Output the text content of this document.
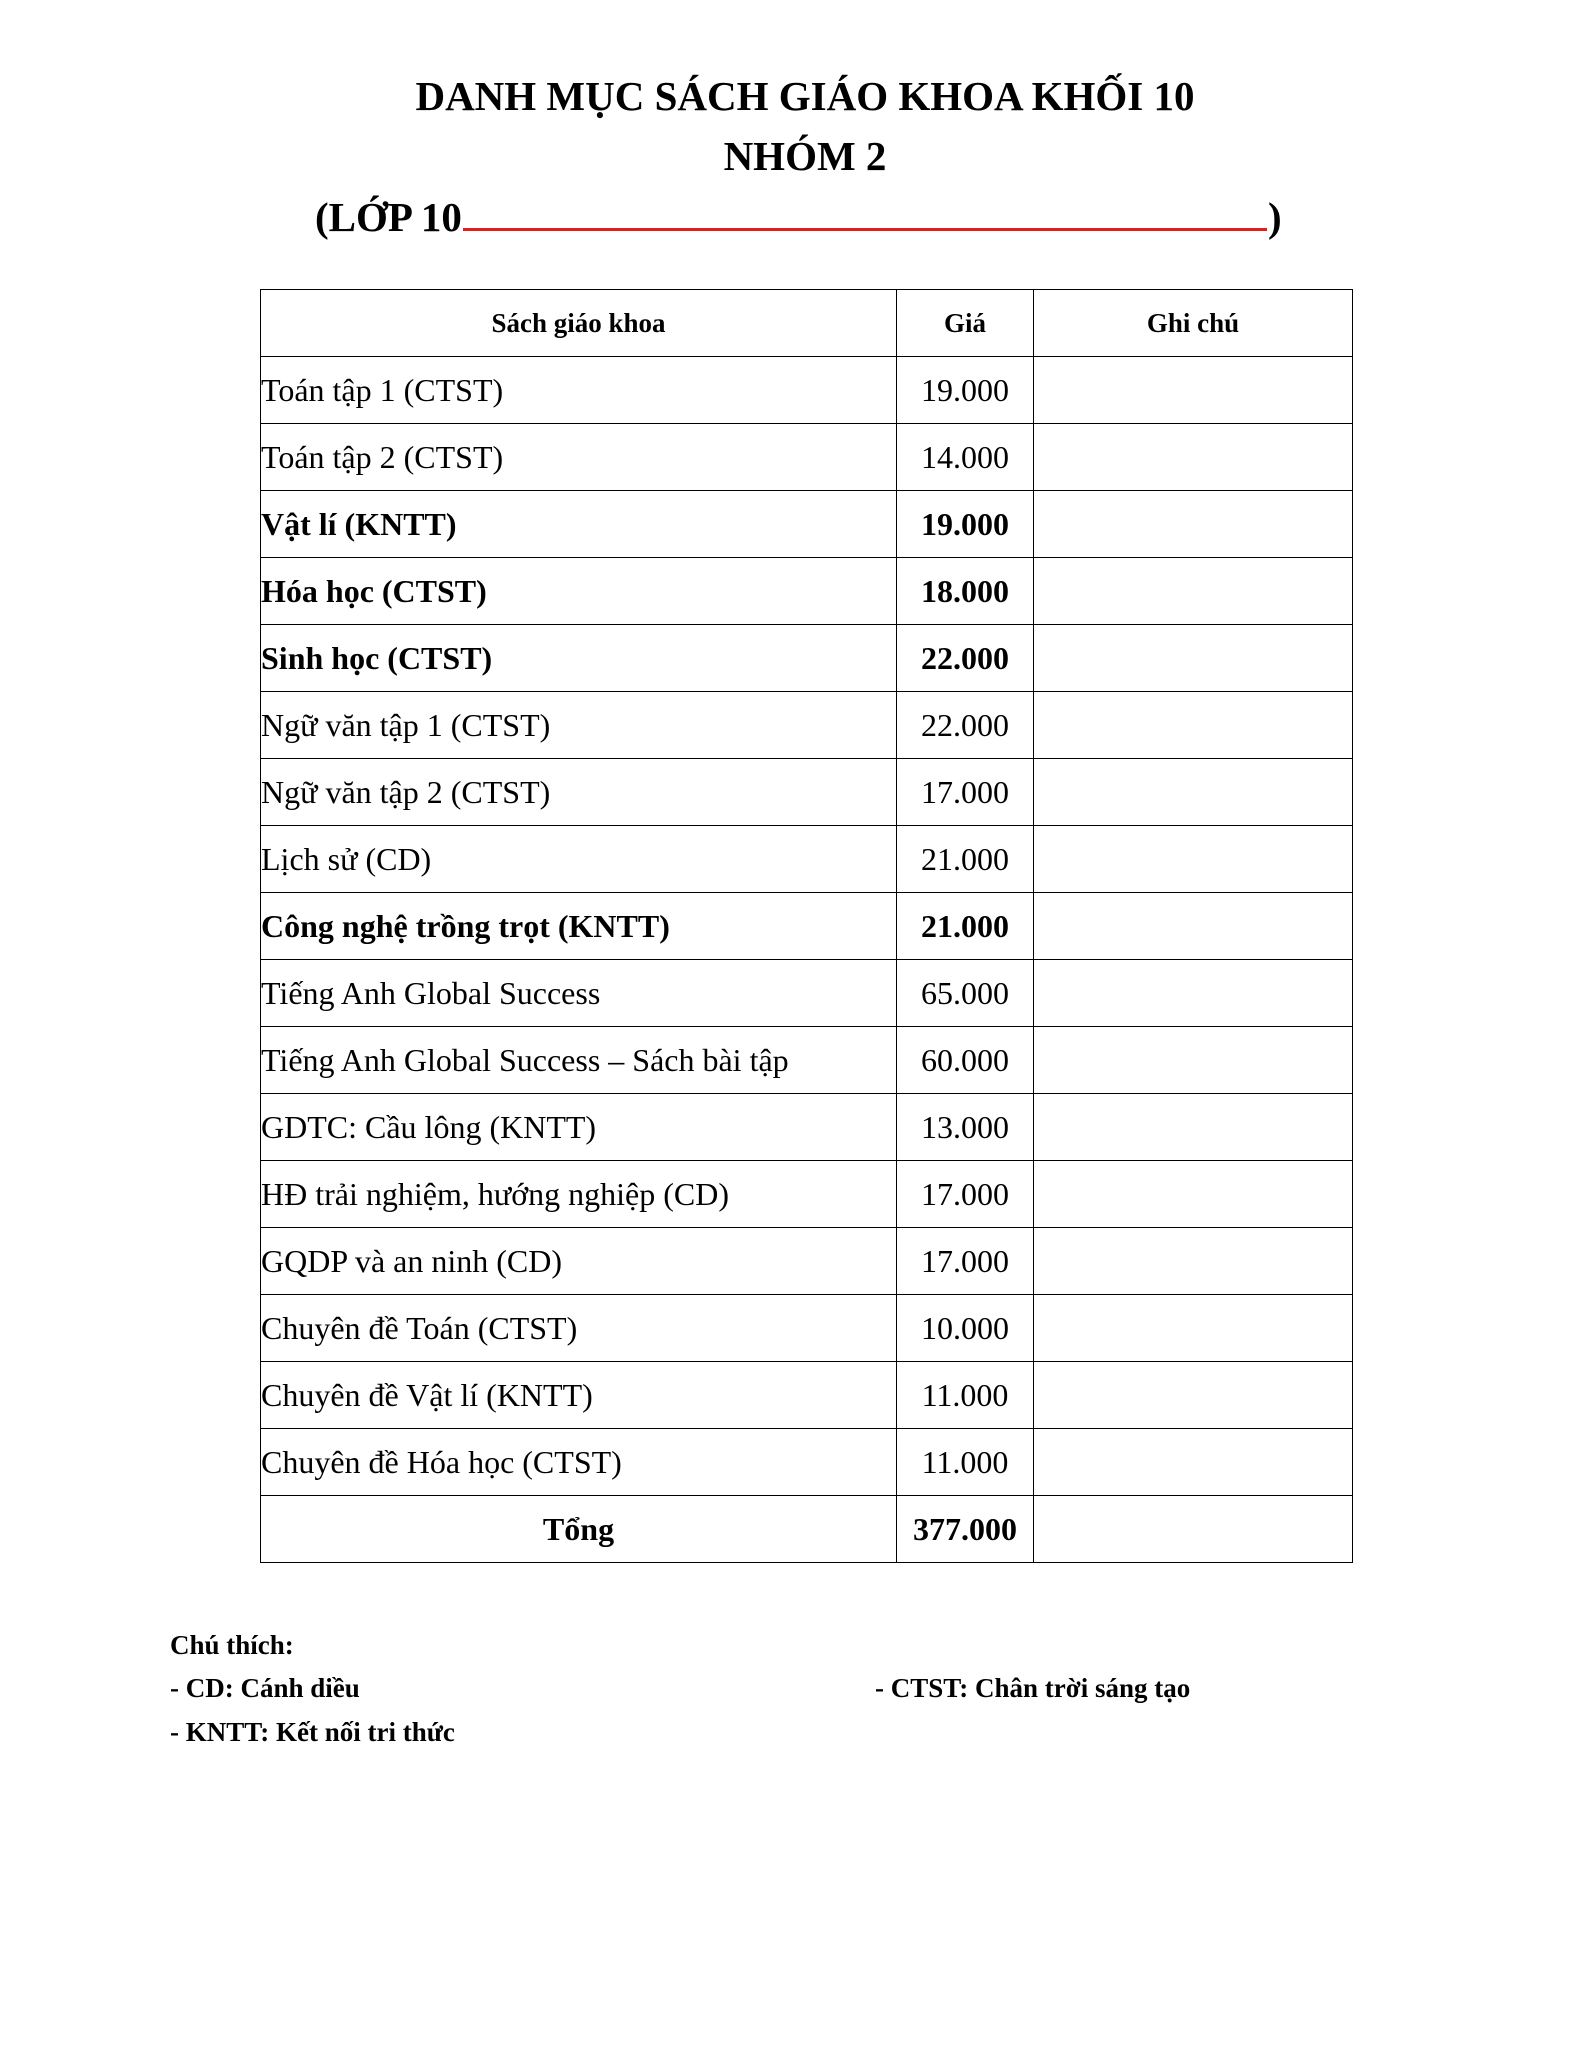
DANH MỤC SÁCH GIÁO KHOA KHỐI 10
NHÓM 2
(LỚP 10	)
Sách giáo khoa	Giá	Ghi chú
Toán tập 1 (CTST)	19.000	
Toán tập 2 (CTST)	14.000	
Vật lí (KNTT)	19.000	
Hóa học (CTST)	18.000	
Sinh học (CTST)	22.000	
Ngữ văn tập 1 (CTST)	22.000	
Ngữ văn tập 2 (CTST)	17.000	
Lịch sử (CD)	21.000	
Công nghệ trồng trọt (KNTT)	21.000	
Tiếng Anh Global Success	65.000	
Tiếng Anh Global Success – Sách bài tập	60.000	
GDTC: Cầu lông (KNTT)	13.000	
HĐ trải nghiệm, hướng nghiệp (CD)	17.000	
GQDP và an ninh (CD)	17.000	
Chuyên đề Toán (CTST)	10.000	
Chuyên đề Vật lí (KNTT)	11.000	
Chuyên đề Hóa học (CTST)	11.000	
Tổng	377.000	
Chú thích:
- CD: Cánh diều	- CTST: Chân trời sáng tạo
- KNTT: Kết nối tri thức
